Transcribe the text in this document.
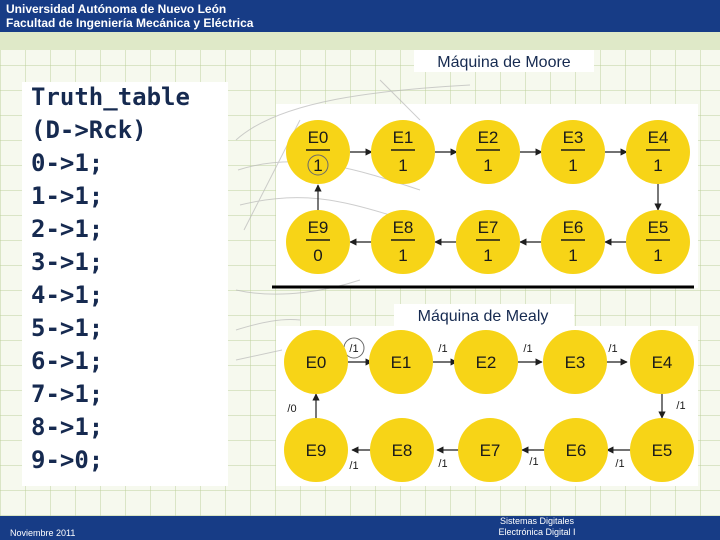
Universidad Autónoma de Nuevo León
Facultad de Ingeniería Mecánica y Eléctrica
Truth_table
(D->Rck)
0->1;
1->1;
2->1;
3->1;
4->1;
5->1;
6->1;
7->1;
8->1;
9->0;
Máquina de Moore
E0
1
E1
1
E2
1
E3
1
E4
1
E5
1
E6
1
E7
1
E8
1
E9
0
Máquina de Mealy
/1	/1	/1	/1
/1
/1
/1
/1
/1
/0
E0	E1	E2	E3	E4
E5
E6
E7
E8
E9
Noviembre 2011
Sistemas Digitales
Electrónica Digital I
